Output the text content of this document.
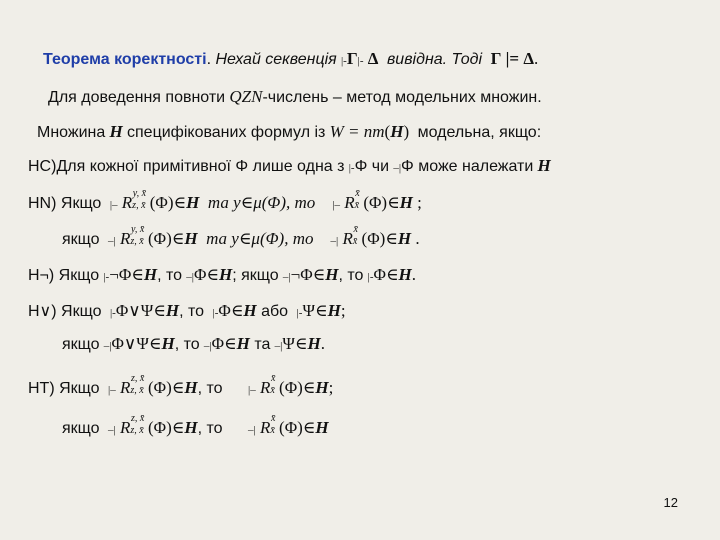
Теорема коректності. Нехай секвенція |-Γ|- Δ вивідна. Тоді Γ |= Δ.
Для доведення повноти QZN-числень – метод модельних множин.
Множина H специфікованих формул із W = nm(H)  модельна, якщо:
НС)Для кожної примітивної Φ лише одна з |-Φ чи –|Φ може належати H
HN) Якщо |– R y, x̄
z, x̄ (Φ)∈H та y∈μ(Φ), то |– R x̄
x̄ (Φ)∈H ;
якщо –| R y, x̄
z, x̄ (Φ)∈H та y∈μ(Φ), то –| R x̄
x̄ (Φ)∈H .
H¬) Якщо |-¬Φ∈H, то –|Φ∈H; якщо –|¬Φ∈H, то |-Φ∈H.
H∨) Якщо |-Φ∨Ψ∈H, то |-Φ∈H або |-Ψ∈H;
якщо –|Φ∨Ψ∈H, то –|Φ∈H та –|Ψ∈H.
HT) Якщо |– R z, x̄
z, x̄ (Φ)∈H, то |– R x̄
x̄ (Φ)∈H;
якщо –| R z, x̄
z, x̄ (Φ)∈H, то –| R x̄
x̄ (Φ)∈H
12
